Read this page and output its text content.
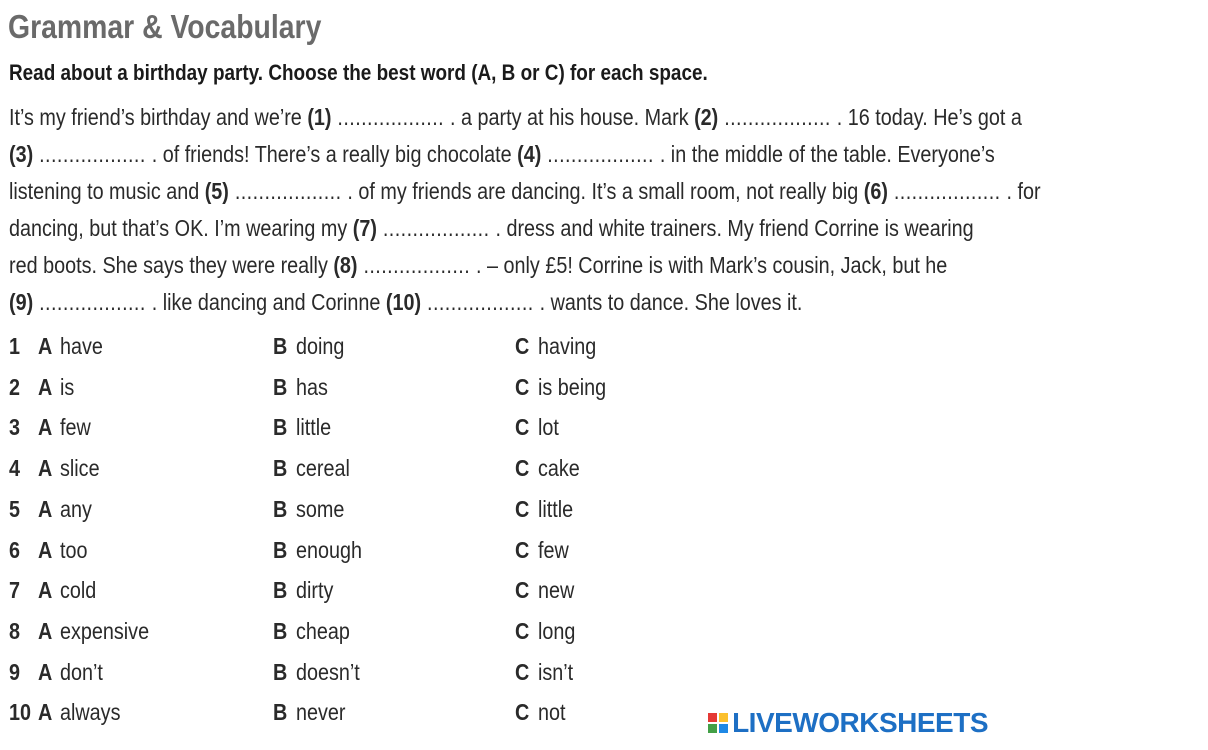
Grammar & Vocabulary
Read about a birthday party. Choose the best word (A, B or C) for each space.
It’s my friend’s birthday and we’re (1) .................. . a party at his house. Mark (2) .................. . 16 today. He’s got a
(3) .................. . of friends! There’s a really big chocolate (4) .................. . in the middle of the table. Everyone’s
listening to music and (5) .................. . of my friends are dancing. It’s a small room, not really big (6) .................. . for
dancing, but that’s OK. I’m wearing my (7) .................. . dress and white trainers. My friend Corrine is wearing
red boots. She says they were really (8) .................. . – only £5! Corrine is with Mark’s cousin, Jack, but he
(9) .................. . like dancing and Corinne (10) .................. . wants to dance. She loves it.
1 A have	B doing	C having
2 A is	B has	C is being
3 A few	B little	C lot
4 A slice	B cereal	C cake
5 A any	B some	C little
6 A too	B enough	C few
7 A cold	B dirty	C new
8 A expensive	B cheap	C long
9 A don’t	B doesn’t	C isn’t
10 A always	B never	C not	LIVEWORKSHEETS
